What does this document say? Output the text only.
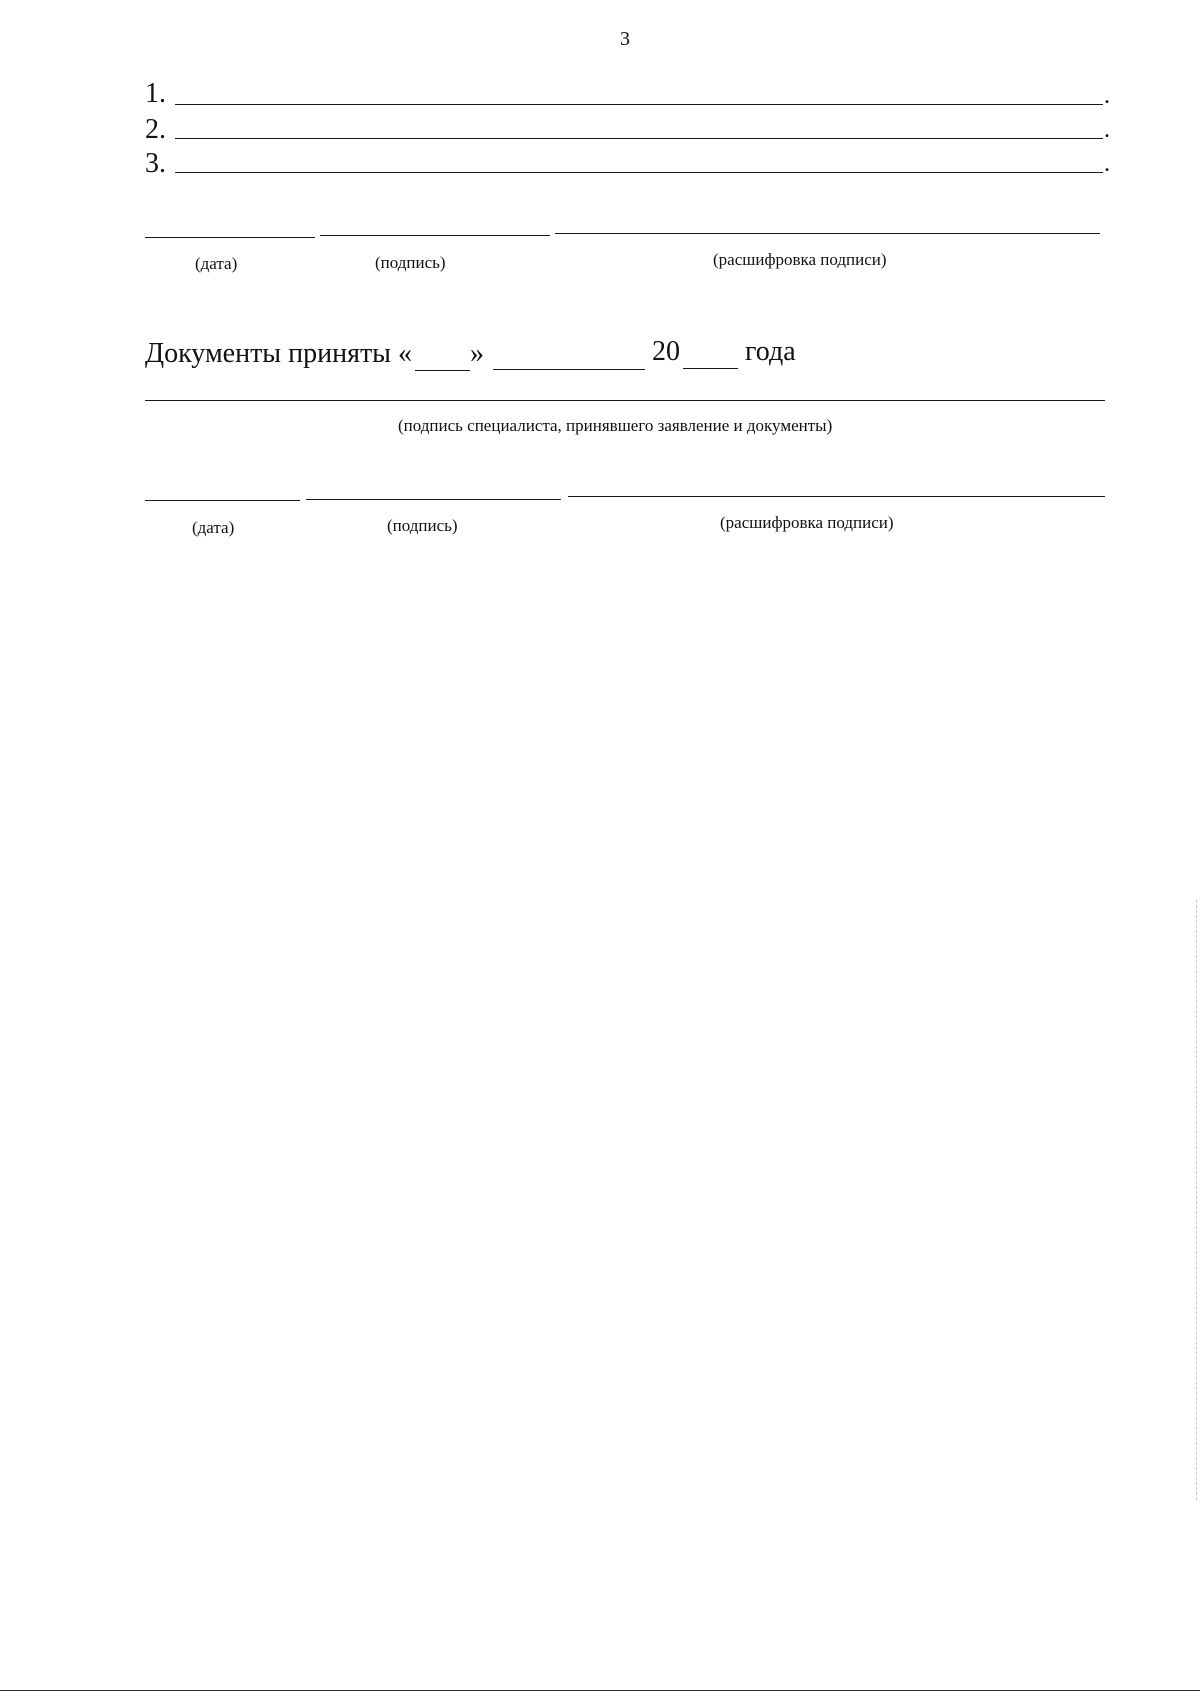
3
1.	.
2.	.
3.	.
(дата)	(подпись)	(расшифровка подписи)
Документы приняты « »	20 года
(подпись специалиста, принявшего заявление и документы)
(дата)	(подпись)	(расшифровка подписи)
